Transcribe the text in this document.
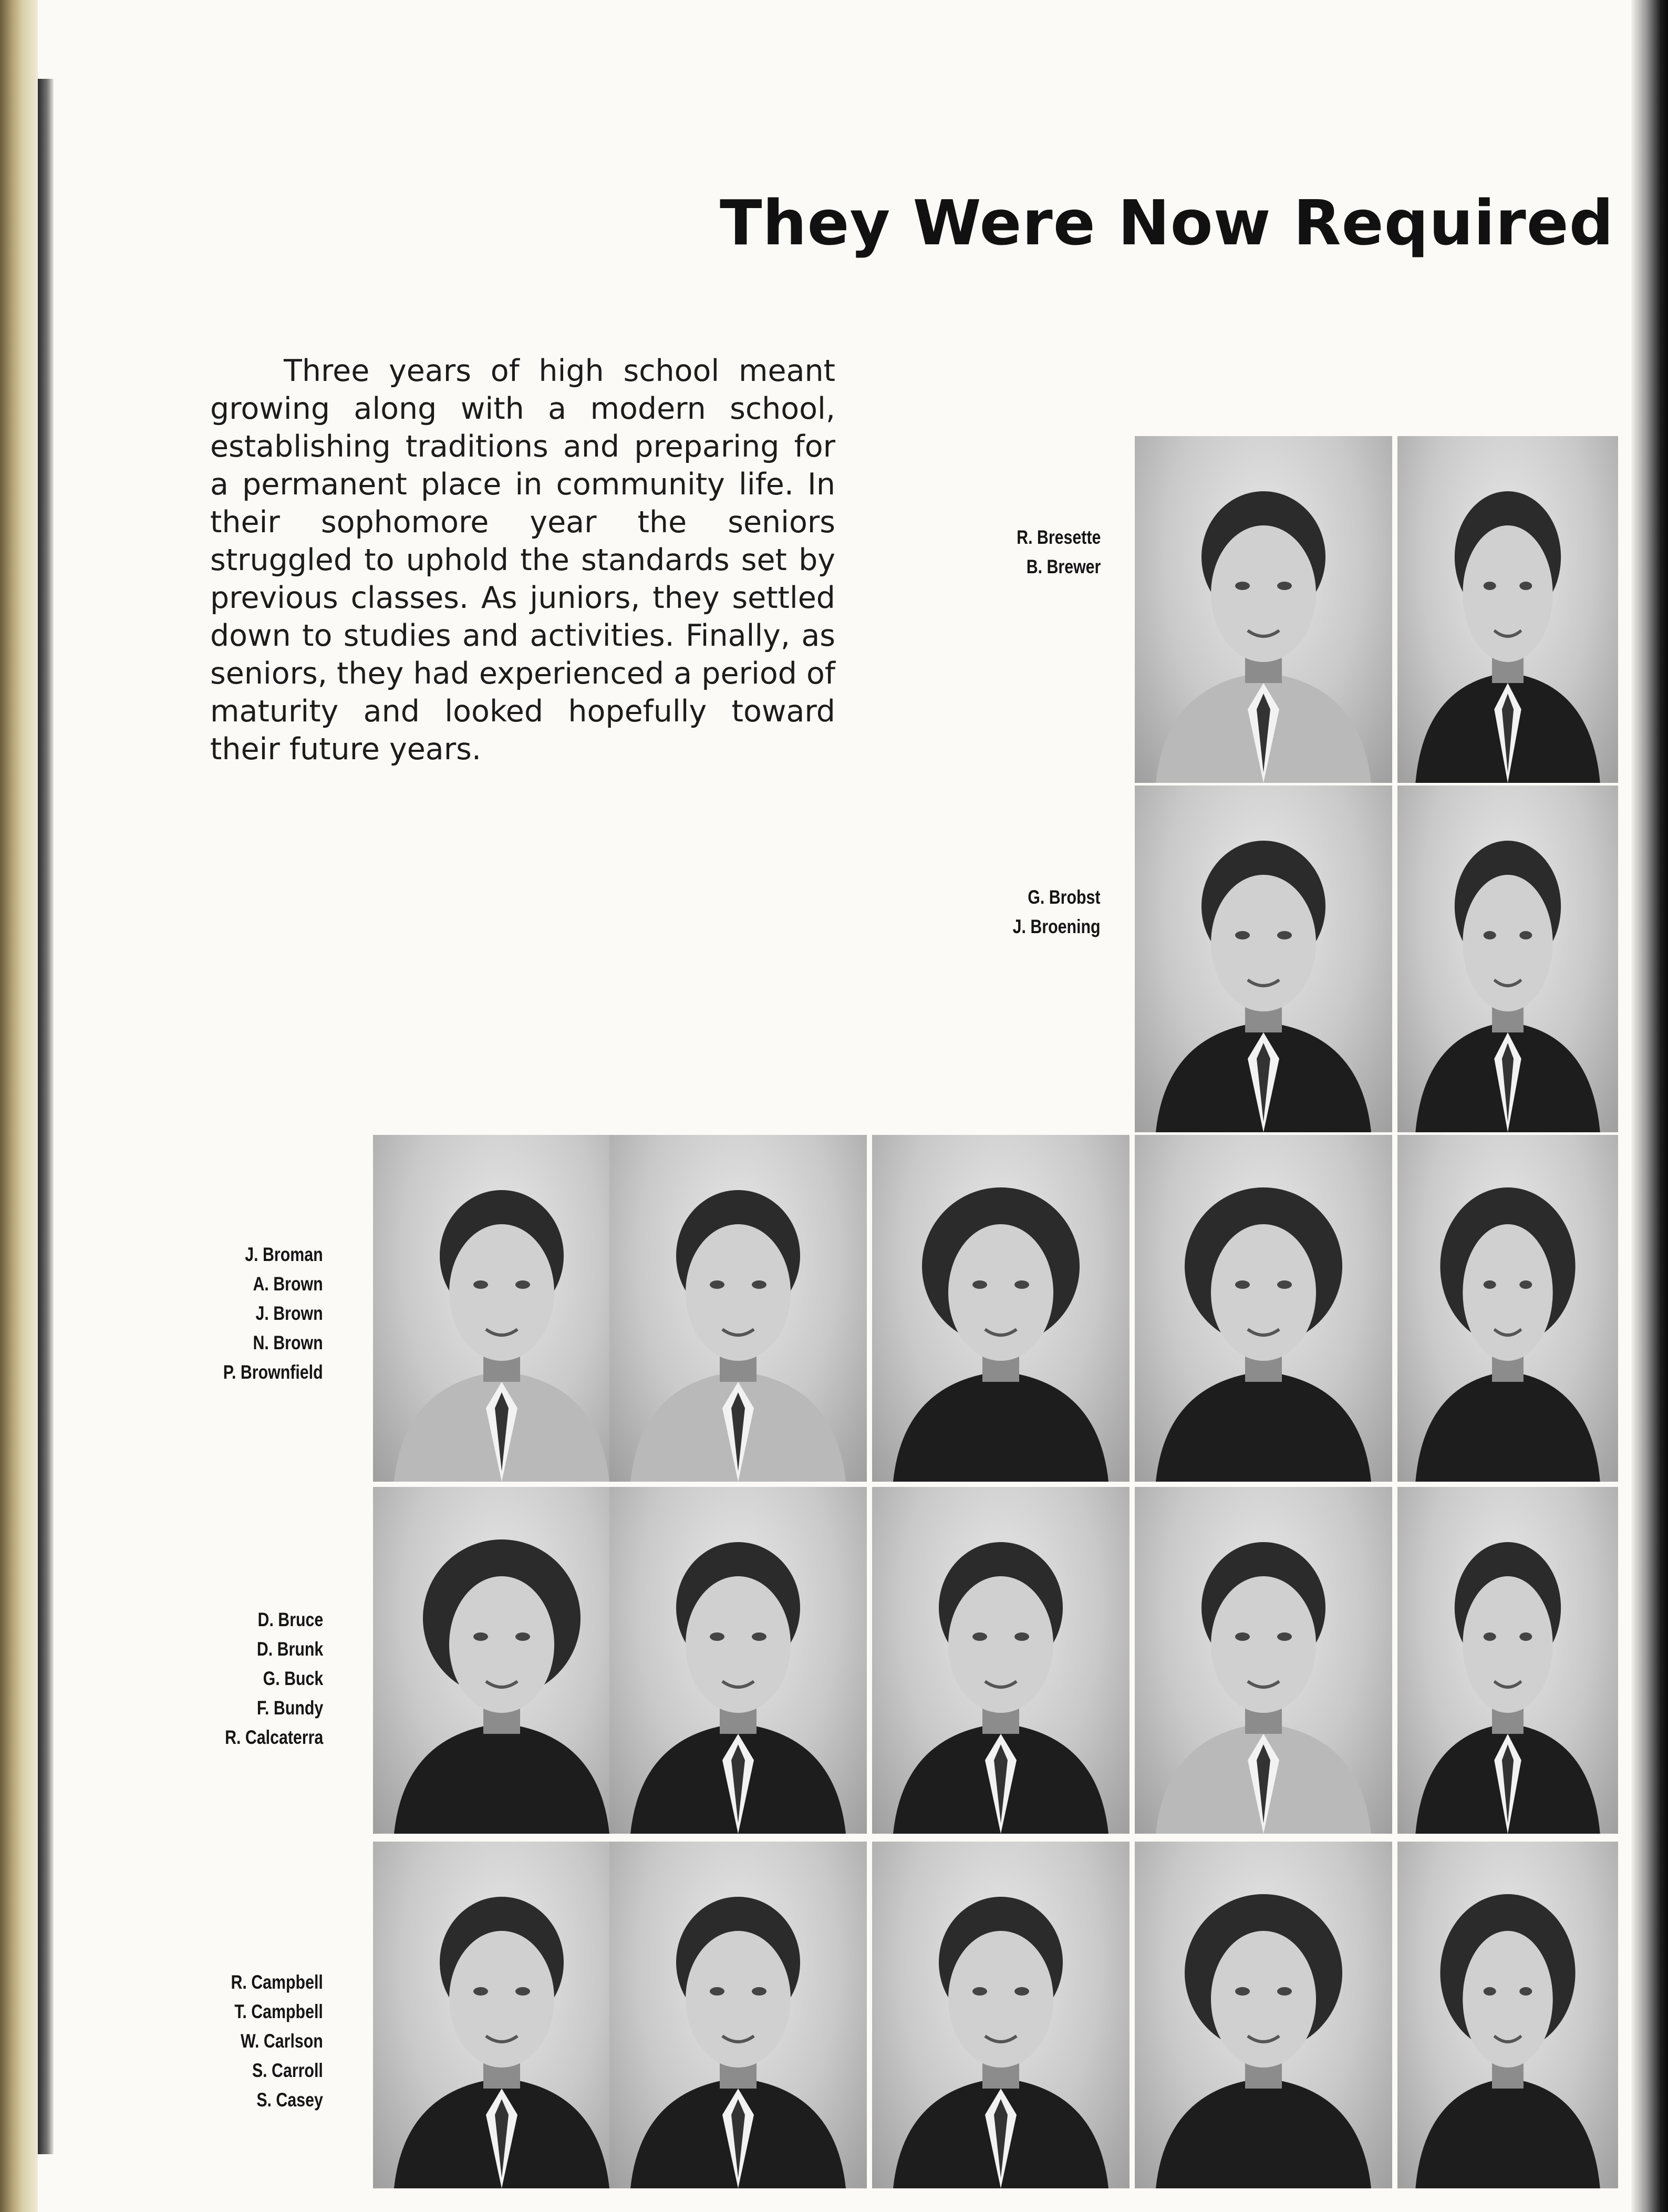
They Were Now Required

Three years of high school meant growing along with a modern school, establishing traditions and preparing for a permanent place in community life. In their sophomore year the seniors struggled to uphold the standards set by previous classes. As juniors, they settled down to studies and activities. Finally, as seniors, they had experienced a period of maturity and looked hopefully toward their future years.

R. Bresette
B. Brewer
G. Brobst
J. Broening
J. Broman
A. Brown
J. Brown
N. Brown
P. Brownfield
D. Bruce
D. Brunk
G. Buck
F. Bundy
R. Calcaterra
R. Campbell
T. Campbell
W. Carlson
S. Carroll
S. Casey
